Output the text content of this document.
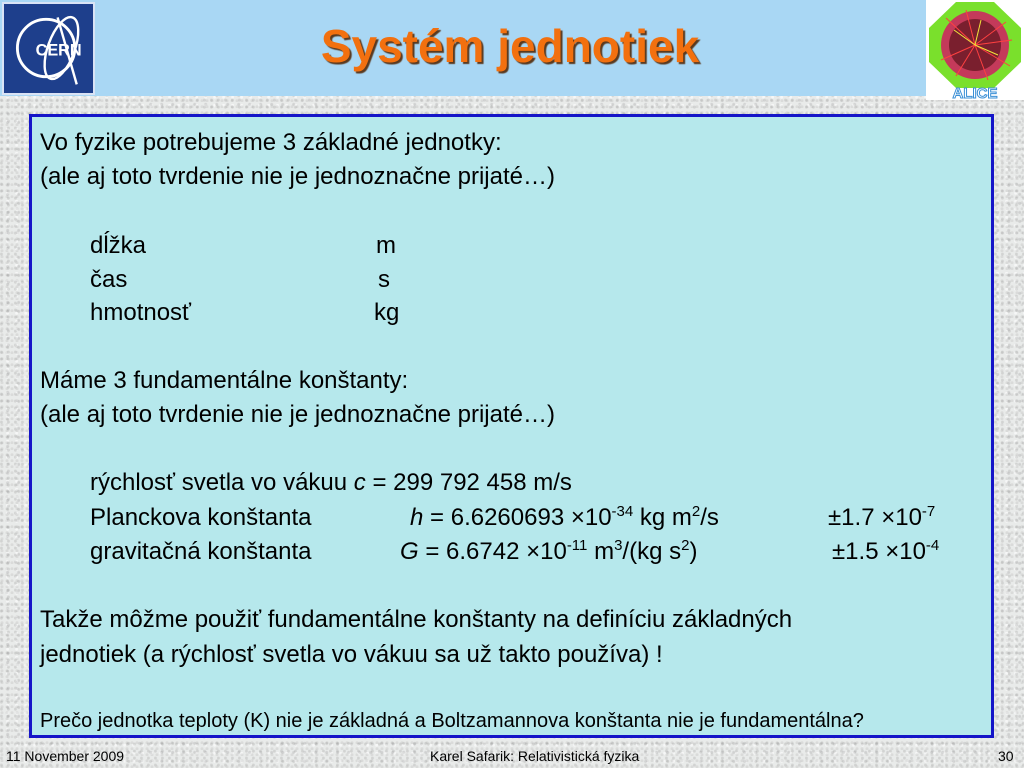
CERN
ALICE
Systém jednotiek
Vo fyzike potrebujeme 3 základné jednotky:
(ale aj toto tvrdenie nie je jednoznačne prijaté…)
dĺžka	m
čas	s
hmotnosť	kg
Máme 3 fundamentálne konštanty:
(ale aj toto tvrdenie nie je jednoznačne prijaté…)
rýchlosť svetla vo vákuu c = 299 792 458 m/s
Planckova konštanta	$h = 6.6260693 \times 10^{-34}$ kg $m^2/s$	$\pm 1.7 \times 10^{-7}$
gravitačná konštanta	$G = 6.6742 \times 10^{-11}$ $m^3/(kg$ $s^2$)	$\pm 1.5 \times 10^{-4}$
Takže môžme použiť fundamentálne konštanty na definíciu základných
jednotiek (a rýchlosť svetla vo vákuu sa už takto používa) !
Prečo jednotka teploty (K) nie je základná a Boltzamannova konštanta nie je fundamentálna?
11 November 2009	Karel Safarik: Relativistická fyzika	30
